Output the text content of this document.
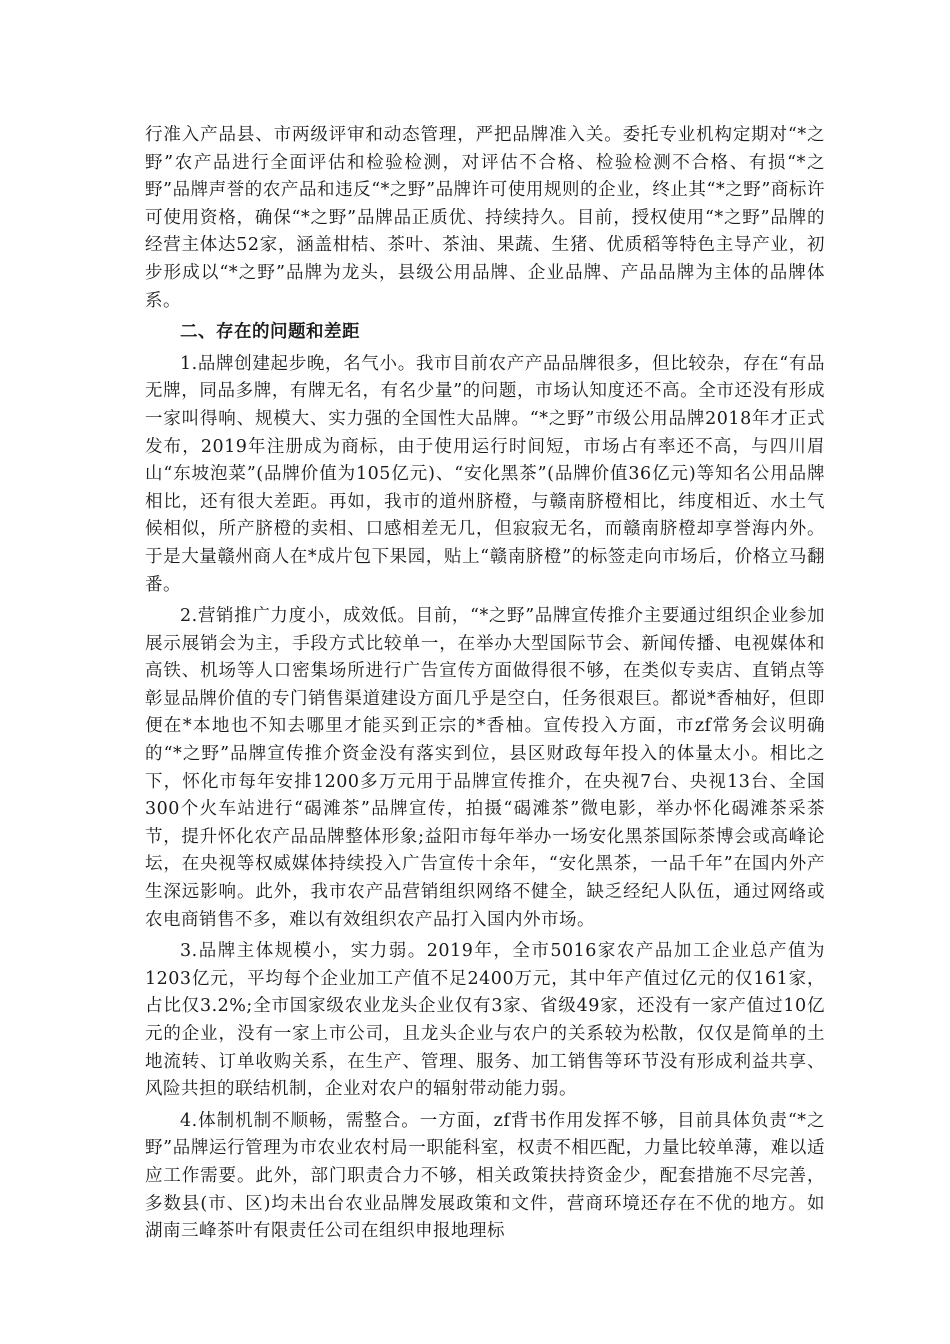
行准入产品县、市两级评审和动态管理，严把品牌准入关。委托专业机构定期对“*之野”农产品进行全面评估和检验检测，对评估不合格、检验检测不合格、有损“*之野”品牌声誉的农产品和违反“*之野”品牌许可使用规则的企业，终止其“*之野”商标许可使用资格，确保“*之野”品牌品正质优、持续持久。目前，授权使用“*之野”品牌的经营主体达52家，涵盖柑桔、茶叶、茶油、果蔬、生猪、优质稻等特色主导产业，初步形成以“*之野”品牌为龙头，县级公用品牌、企业品牌、产品品牌为主体的品牌体系。

二、存在的问题和差距

1.品牌创建起步晚，名气小。我市目前农产产品品牌很多，但比较杂，存在“有品无牌，同品多牌，有牌无名，有名少量”的问题，市场认知度还不高。全市还没有形成一家叫得响、规模大、实力强的全国性大品牌。“*之野”市级公用品牌2018年才正式发布，2019年注册成为商标，由于使用运行时间短，市场占有率还不高，与四川眉山“东坡泡菜”(品牌价值为105亿元)、“安化黑茶”(品牌价值36亿元)等知名公用品牌相比，还有很大差距。再如，我市的道州脐橙，与赣南脐橙相比，纬度相近、水土气候相似，所产脐橙的卖相、口感相差无几，但寂寂无名，而赣南脐橙却享誉海内外。于是大量赣州商人在*成片包下果园，贴上“赣南脐橙”的标签走向市场后，价格立马翻番。

2.营销推广力度小，成效低。目前，“*之野”品牌宣传推介主要通过组织企业参加展示展销会为主，手段方式比较单一，在举办大型国际节会、新闻传播、电视媒体和高铁、机场等人口密集场所进行广告宣传方面做得很不够，在类似专卖店、直销点等彰显品牌价值的专门销售渠道建设方面几乎是空白，任务很艰巨。都说*香柚好，但即便在*本地也不知去哪里才能买到正宗的*香柚。宣传投入方面，市zf常务会议明确的“*之野”品牌宣传推介资金没有落实到位，县区财政每年投入的体量太小。相比之下，怀化市每年安排1200多万元用于品牌宣传推介，在央视7台、央视13台、全国300个火车站进行“碣滩茶”品牌宣传，拍摄“碣滩茶”微电影，举办怀化碣滩茶采茶节，提升怀化农产品品牌整体形象;益阳市每年举办一场安化黑茶国际茶博会或高峰论坛，在央视等权威媒体持续投入广告宣传十余年，“安化黑茶，一品千年”在国内外产生深远影响。此外，我市农产品营销组织网络不健全，缺乏经纪人队伍，通过网络或农电商销售不多，难以有效组织农产品打入国内外市场。

3.品牌主体规模小，实力弱。2019年，全市5016家农产品加工企业总产值为1203亿元，平均每个企业加工产值不足2400万元，其中年产值过亿元的仅161家，占比仅3.2%;全市国家级农业龙头企业仅有3家、省级49家，还没有一家产值过10亿元的企业，没有一家上市公司，且龙头企业与农户的关系较为松散，仅仅是简单的土地流转、订单收购关系，在生产、管理、服务、加工销售等环节没有形成利益共享、风险共担的联结机制，企业对农户的辐射带动能力弱。

4.体制机制不顺畅，需整合。一方面，zf背书作用发挥不够，目前具体负责“*之野”品牌运行管理为市农业农村局一职能科室，权责不相匹配，力量比较单薄，难以适应工作需要。此外，部门职责合力不够，相关政策扶持资金少，配套措施不尽完善，多数县(市、区)均未出台农业品牌发展政策和文件，营商环境还存在不优的地方。如湖南三峰茶叶有限责任公司在组织申报地理标
